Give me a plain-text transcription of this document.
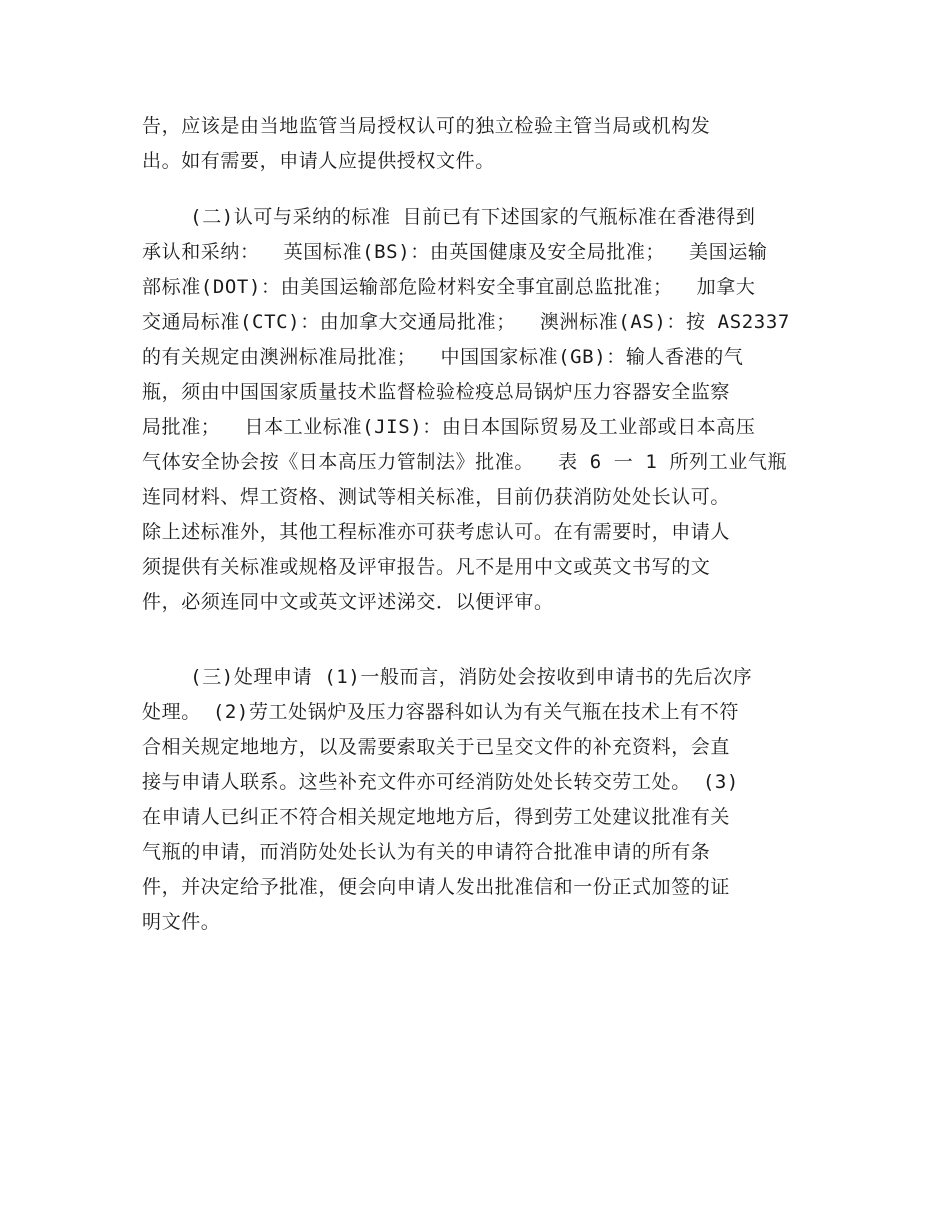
告，应该是由当地监管当局授权认可的独立检验主管当局或机构发
出。如有需要，申请人应提供授权文件。
(二)认可与采纳的标准 目前已有下述国家的气瓶标准在香港得到
承认和采纳：  英国标准(BS)：由英国健康及安全局批准；  美国运输
部标准(DOT)：由美国运输部危险材料安全事宜副总监批准；  加拿大
交通局标准(CTC)：由加拿大交通局批准；  澳洲标准(AS)：按 AS2337
的有关规定由澳洲标准局批准；  中国国家标准(GB)：输人香港的气
瓶，须由中国国家质量技术监督检验检疫总局锅炉压力容器安全监察
局批准；  日本工业标准(JIS)：由日本国际贸易及工业部或日本高压
气体安全协会按《日本高压力管制法》批准。  表 6 一 1 所列工业气瓶
连同材料、焊工资格、测试等相关标准，目前仍获消防处处长认可。
除上述标准外，其他工程标准亦可获考虑认可。在有需要时，申请人
须提供有关标准或规格及评审报告。凡不是用中文或英文书写的文
件，必须连同中文或英文评述涕交．以便评审。
(三)处理申请 (1)一般而言，消防处会按收到申请书的先后次序
处理。 (2)劳工处锅炉及压力容器科如认为有关气瓶在技术上有不符
合相关规定地地方，以及需要索取关于已呈交文件的补充资料，会直
接与申请人联系。这些补充文件亦可经消防处处长转交劳工处。 (3)
在申请人已纠正不符合相关规定地地方后，得到劳工处建议批准有关
气瓶的申请，而消防处处长认为有关的申请符合批准申请的所有条
件，并决定给予批准，便会向申请人发出批准信和一份正式加签的证
明文件。
